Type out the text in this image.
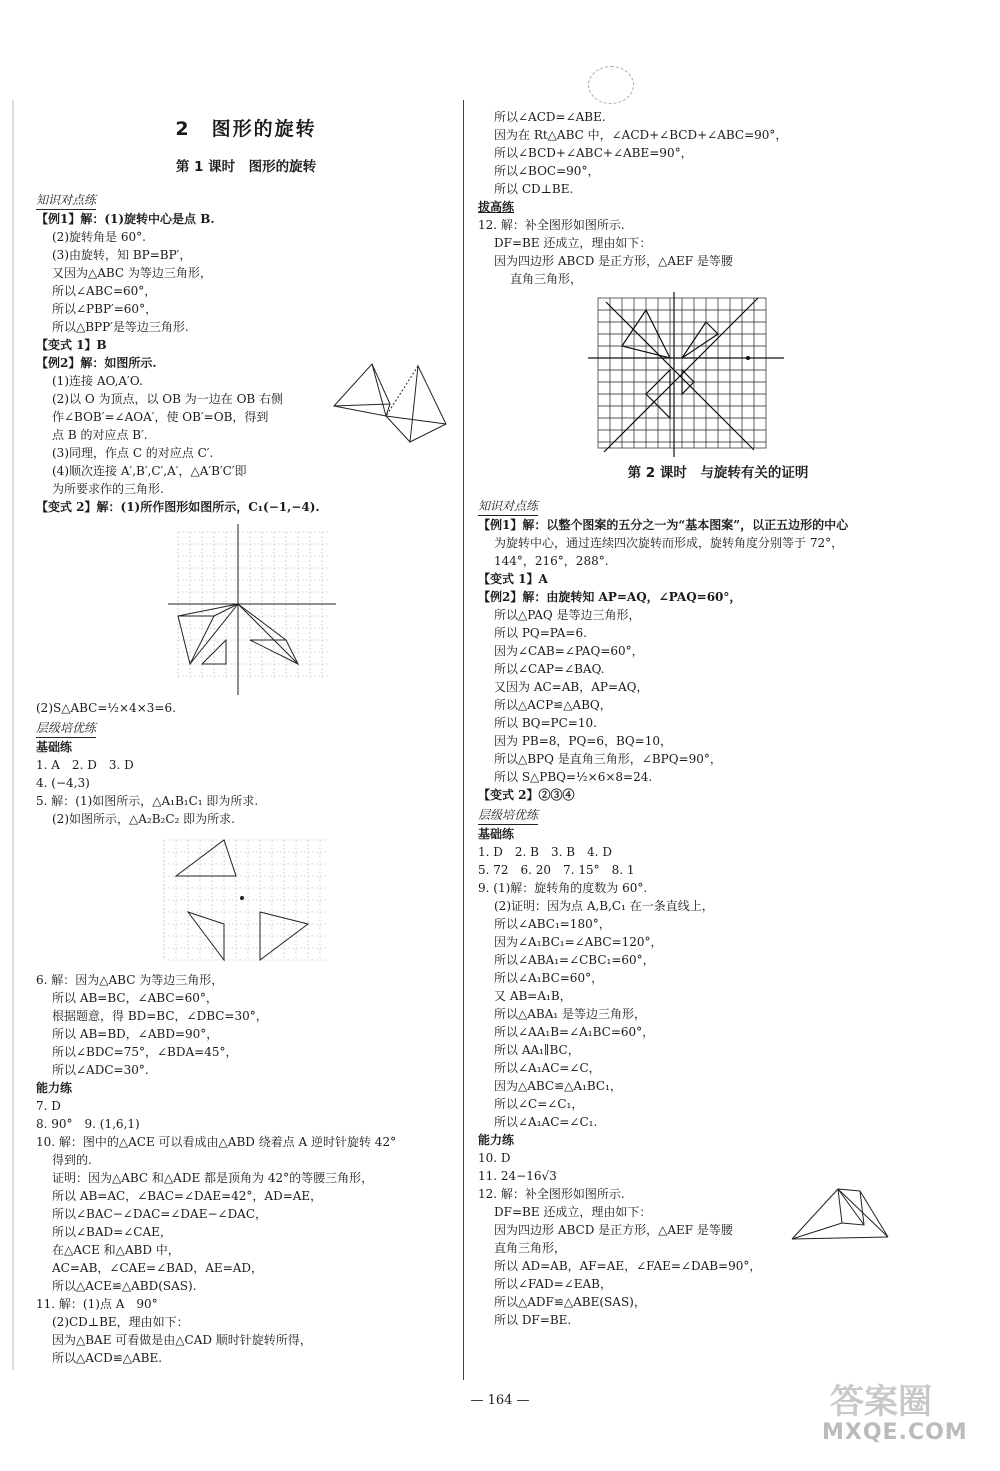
2　图形的旋转
第 1 课时　图形的旋转
知识对点练
【例1】解：(1)旋转中心是点 B.
(2)旋转角是 60°.
(3)由旋转，知 BP=BP′，
又因为△ABC 为等边三角形，
所以∠ABC=60°，
所以∠PBP′=60°，
所以△BPP′是等边三角形.
【变式 1】B
【例2】解：如图所示.
(1)连接 AO,A′O.
(2)以 O 为顶点，以 OB 为一边在 OB 右侧
作∠BOB′=∠AOA′，使 OB′=OB，得到
点 B 的对应点 B′.
(3)同理，作点 C 的对应点 C′.
(4)顺次连接 A′,B′,C′,A′，△A′B′C′即
为所要求作的三角形.
【变式 2】解：(1)所作图形如图所示，C₁(−1,−4).
(2)S△ABC=½×4×3=6.
层级培优练
基础练
1. A　2. D　3. D
4. (−4,3)
5. 解：(1)如图所示，△A₁B₁C₁ 即为所求.
(2)如图所示，△A₂B₂C₂ 即为所求.
6. 解：因为△ABC 为等边三角形，
所以 AB=BC，∠ABC=60°，
根据题意，得 BD=BC，∠DBC=30°，
所以 AB=BD，∠ABD=90°，
所以∠BDC=75°，∠BDA=45°，
所以∠ADC=30°.
能力练
7. D
8. 90°　9. (1,6,1)
10. 解：图中的△ACE 可以看成由△ABD 绕着点 A 逆时针旋转 42°
得到的.
证明：因为△ABC 和△ADE 都是顶角为 42°的等腰三角形，
所以 AB=AC，∠BAC=∠DAE=42°，AD=AE，
所以∠BAC−∠DAC=∠DAE−∠DAC，
所以∠BAD=∠CAE，
在△ACE 和△ABD 中，
AC=AB，∠CAE=∠BAD，AE=AD，
所以△ACE≌△ABD(SAS).
11. 解：(1)点 A　90°
(2)CD⊥BE，理由如下：
因为△BAE 可看做是由△CAD 顺时针旋转所得，
所以△ACD≌△ABE.
所以∠ACD=∠ABE.
因为在 Rt△ABC 中，∠ACD+∠BCD+∠ABC=90°，
所以∠BCD+∠ABC+∠ABE=90°，
所以∠BOC=90°，
所以 CD⊥BE.
拔高练
12. 解：补全图形如图所示.
DF=BE 还成立，理由如下：
因为四边形 ABCD 是正方形，△AEF 是等腰
直角三角形，
第 2 课时　与旋转有关的证明
知识对点练
【例1】解：以整个图案的五分之一为“基本图案”，以正五边形的中心
为旋转中心，通过连续四次旋转而形成，旋转角度分别等于 72°，
144°，216°，288°.
【变式 1】A
【例2】解：由旋转知 AP=AQ，∠PAQ=60°，
所以△PAQ 是等边三角形，
所以 PQ=PA=6.
因为∠CAB=∠PAQ=60°，
所以∠CAP=∠BAQ.
又因为 AC=AB，AP=AQ，
所以△ACP≌△ABQ，
所以 BQ=PC=10.
因为 PB=8，PQ=6，BQ=10，
所以△BPQ 是直角三角形，∠BPQ=90°，
所以 S△PBQ=½×6×8=24.
【变式 2】②③④
层级培优练
基础练
1. D　2. B　3. B　4. D
5. 72　6. 20　7. 15°　8. 1
9. (1)解：旋转角的度数为 60°.
(2)证明：因为点 A,B,C₁ 在一条直线上，
所以∠ABC₁=180°，
因为∠A₁BC₁=∠ABC=120°，
所以∠ABA₁=∠CBC₁=60°，
所以∠A₁BC=60°，
又 AB=A₁B，
所以△ABA₁ 是等边三角形，
所以∠AA₁B=∠A₁BC=60°，
所以 AA₁∥BC，
所以∠A₁AC=∠C，
因为△ABC≌△A₁BC₁，
所以∠C=∠C₁，
所以∠A₁AC=∠C₁.
能力练
10. D
11. 24−16√3
12. 解：补全图形如图所示.
DF=BE 还成立，理由如下：
因为四边形 ABCD 是正方形，△AEF 是等腰
直角三角形，
所以 AD=AB，AF=AE，∠FAE=∠DAB=90°，
所以∠FAD=∠EAB，
所以△ADF≌△ABE(SAS)，
所以 DF=BE.
— 164 —	答案圈
MXQE.COM
